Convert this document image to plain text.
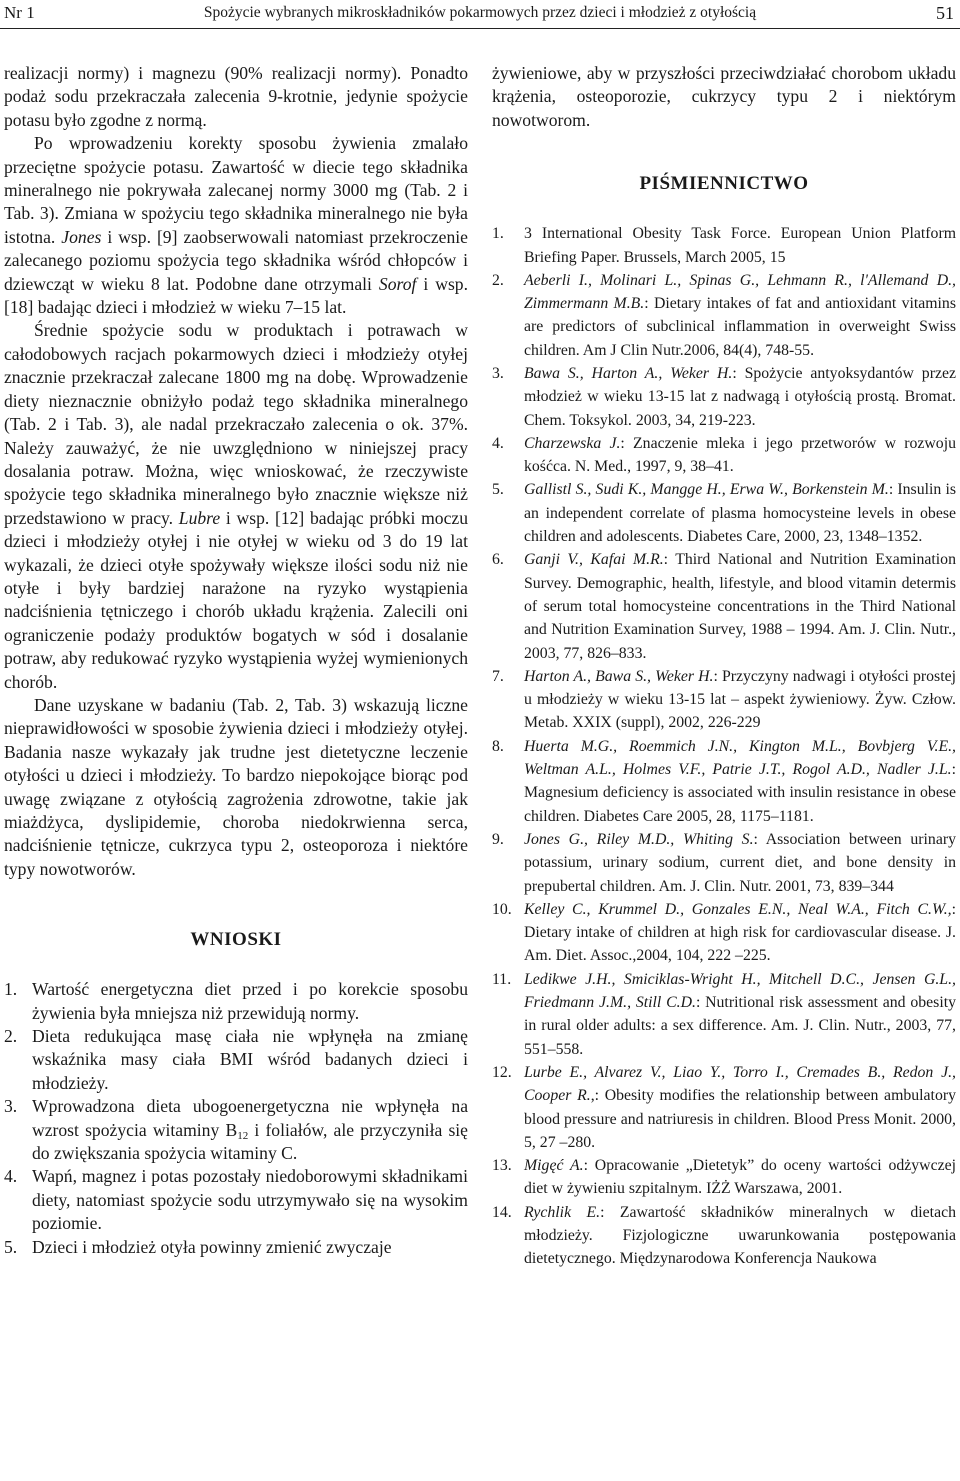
Nr 1	Spożycie wybranych mikroskładników pokarmowych przez dzieci i młodzież z otyłością	51

realizacji normy) i magnezu (90% realizacji normy). Ponadto podaż sodu przekraczała zalecenia 9-krotnie, jedynie spożycie potasu było zgodne z normą.

Po wprowadzeniu korekty sposobu żywienia zmalało przeciętne spożycie potasu. Zawartość w diecie tego składnika mineralnego nie pokrywała zalecanej normy 3000 mg (Tab. 2 i Tab. 3). Zmiana w spożyciu tego składnika mineralnego nie była istotna. Jones i wsp. [9] zaobserwowali natomiast przekroczenie zalecanego poziomu spożycia tego składnika wśród chłopców i dziewcząt w wieku 8 lat. Podobne dane otrzymali Sorof i wsp. [18] badając dzieci i młodzież w wieku 7–15 lat.

Średnie spożycie sodu w produktach i potrawach w całodobowych racjach pokarmowych dzieci i młodzieży otyłej znacznie przekraczał zalecane 1800 mg na dobę. Wprowadzenie diety nieznacznie obniżyło podaż tego składnika mineralnego (Tab. 2 i Tab. 3), ale nadal przekraczało zalecenia o ok. 37%. Należy zauważyć, że nie uwzględniono w niniejszej pracy dosalania potraw. Można, więc wnioskować, że rzeczywiste spożycie tego składnika mineralnego było znacznie większe niż przedstawiono w pracy. Lubre i wsp. [12] badając próbki moczu dzieci i młodzieży otyłej i nie otyłej w wieku od 3 do 19 lat wykazali, że dzieci otyłe spożywały większe ilości sodu niż nie otyłe i były bardziej narażone na ryzyko wystąpienia nadciśnienia tętniczego i chorób układu krążenia. Zalecili oni ograniczenie podaży produktów bogatych w sód i dosalanie potraw, aby redukować ryzyko wystąpienia wyżej wymienionych chorób.

Dane uzyskane w badaniu (Tab. 2, Tab. 3) wskazują liczne nieprawidłowości w sposobie żywienia dzieci i młodzieży otyłej. Badania nasze wykazały jak trudne jest dietetyczne leczenie otyłości u dzieci i młodzieży. To bardzo niepokojące biorąc pod uwagę związane z otyłością zagrożenia zdrowotne, takie jak miażdżyca, dyslipidemie, choroba niedokrwienna serca, nadciśnienie tętnicze, cukrzyca typu 2, osteoporoza i niektóre typy nowotworów.

WNIOSKI
1. Wartość energetyczna diet przed i po korekcie sposobu żywienia była mniejsza niż przewidują normy.
2. Dieta redukująca masę ciała nie wpłynęła na zmianę wskaźnika masy ciała BMI wśród badanych dzieci i młodzieży.
3. Wprowadzona dieta ubogoenergetyczna nie wpłynęła na wzrost spożycia witaminy $B_{12}$ i foliałów, ale przyczyniła się do zwiększania spożycia witaminy C.
4. Wapń, magnez i potas pozostały niedoborowymi składnikami diety, natomiast spożycie sodu utrzymywało się na wysokim poziomie.
5. Dzieci i młodzież otyła powinny zmienić zwyczaje

żywieniowe, aby w przyszłości przeciwdziałać chorobom układu krążenia, osteoporozie, cukrzycy typu 2 i niektórym nowotworom.

PIŚMIENNICTWO
1. 3 International Obesity Task Force. European Union Platform Briefing Paper. Brussels, March 2005, 15
2. Aeberli I., Molinari L., Spinas G., Lehmann R., l'Allemand D., Zimmermann M.B.: Dietary intakes of fat and antioxidant vitamins are predictors of subclinical inflammation in overweight Swiss children. Am J Clin Nutr.2006, 84(4), 748-55.
3. Bawa S., Harton A., Weker H.: Spożycie antyoksydantów przez młodzież w wieku 13-15 lat z nadwagą i otyłością prostą. Bromat. Chem. Toksykol. 2003, 34, 219-223.
4. Charzewska J.: Znaczenie mleka i jego przetworów w rozwoju kośćca. N. Med., 1997, 9, 38–41.
5. Gallistl S., Sudi K., Mangge H., Erwa W., Borkenstein M.: Insulin is an independent correlate of plasma homocysteine levels in obese children and adolescents. Diabetes Care, 2000, 23, 1348–1352.
6. Ganji V., Kafai M.R.: Third National and Nutrition Examination Survey. Demographic, health, lifestyle, and blood vitamin determis of serum total homocysteine concentrations in the Third National and Nutrition Examination Survey, 1988 – 1994. Am. J. Clin. Nutr., 2003, 77, 826–833.
7. Harton A., Bawa S., Weker H.: Przyczyny nadwagi i otyłości prostej u młodzieży w wieku 13-15 lat – aspekt żywieniowy. Żyw. Człow. Metab. XXIX (suppl), 2002, 226-229
8. Huerta M.G., Roemmich J.N., Kington M.L., Bovbjerg V.E., Weltman A.L., Holmes V.F., Patrie J.T., Rogol A.D., Nadler J.L.: Magnesium deficiency is associated with insulin resistance in obese children. Diabetes Care 2005, 28, 1175–1181.
9. Jones G., Riley M.D., Whiting S.: Association between urinary potassium, urinary sodium, current diet, and bone density in prepubertal children. Am. J. Clin. Nutr. 2001, 73, 839–344
10. Kelley C., Krummel D., Gonzales E.N., Neal W.A., Fitch C.W.,: Dietary intake of children at high risk for cardiovascular disease. J. Am. Diet. Assoc.,2004, 104, 222 –225.
11. Ledikwe J.H., Smiciklas-Wright H., Mitchell D.C., Jensen G.L., Friedmann J.M., Still C.D.: Nutritional risk assessment and obesity in rural older adults: a sex difference. Am. J. Clin. Nutr., 2003, 77, 551–558.
12. Lurbe E., Alvarez V., Liao Y., Torro I., Cremades B., Redon J., Cooper R.,: Obesity modifies the relationship between ambulatory blood pressure and natriuresis in children. Blood Press Monit. 2000, 5, 27 –280.
13. Migęć A.: Opracowanie „Dietetyk” do oceny wartości odżywczej diet w żywieniu szpitalnym. IŻŻ Warszawa, 2001.
14. Rychlik E.: Zawartość składników mineralnych w dietach młodzieży. Fizjologiczne uwarunkowania postępowania dietetycznego. Międzynarodowa Konferencja Naukowa
